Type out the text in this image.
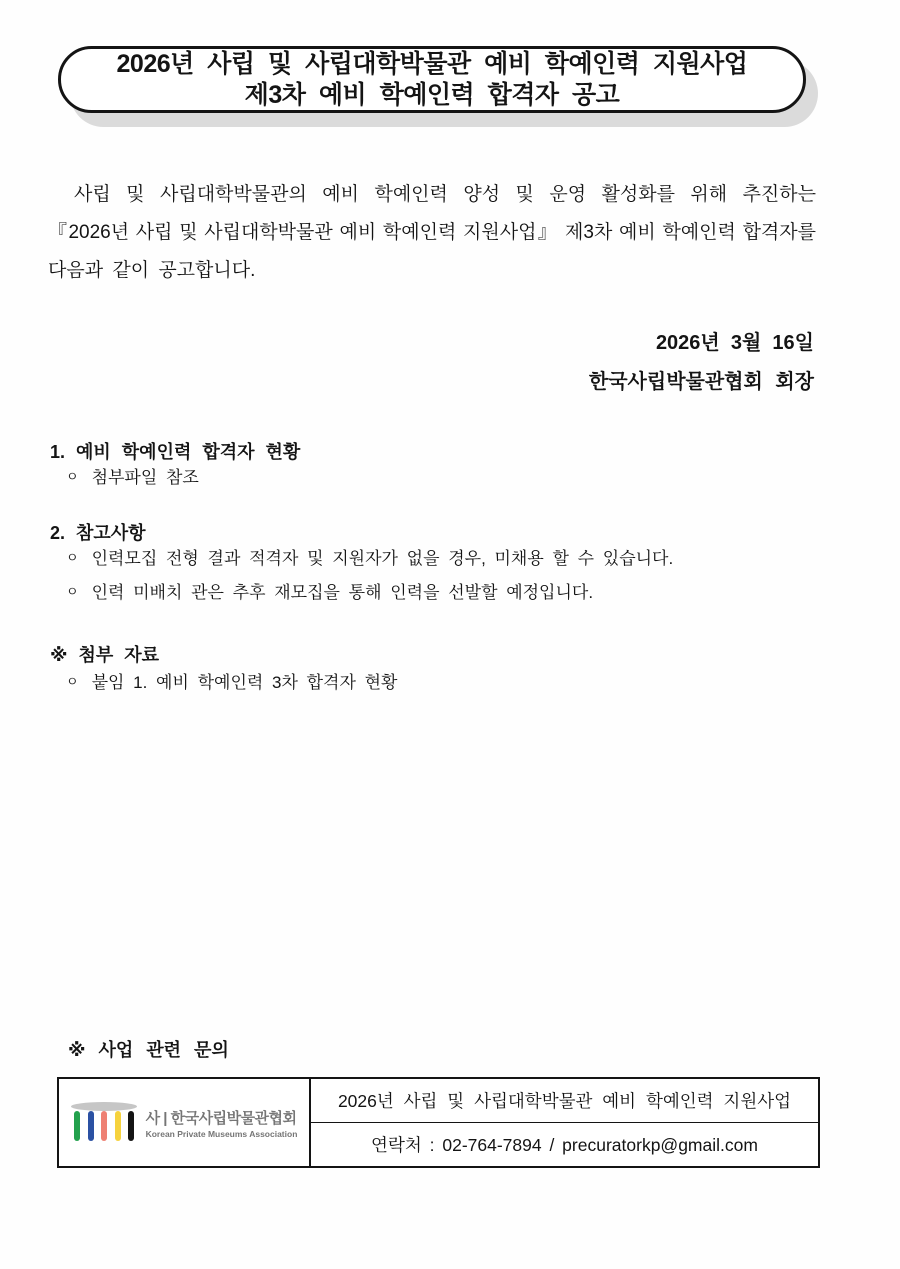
2026년 사립 및 사립대학박물관 예비 학예인력 지원사업
제3차 예비 학예인력 합격자 공고
사립 및 사립대학박물관의 예비 학예인력 양성 및 운영 활성화를 위해 추진하는
『2026년 사립 및 사립대학박물관 예비 학예인력 지원사업』 제3차 예비 학예인력 합격자를
다음과 같이 공고합니다.
2026년  3월  16일
한국사립박물관협회 회장
1. 예비 학예인력 합격자 현황
ㅇ 첨부파일 참조
2. 참고사항
ㅇ 인력모집 전형 결과 적격자 및 지원자가 없을 경우, 미채용 할 수 있습니다.
ㅇ 인력 미배치 관은 추후 재모집을 통해 인력을 선발할 예정입니다.
※ 첨부 자료
ㅇ 붙임 1. 예비 학예인력 3차 합격자 현황
※ 사업 관련 문의
사 | 한국사립박물관협회
Korean Private Museums Association
2026년 사립 및 사립대학박물관 예비 학예인력 지원사업
연락처 : 02-764-7894 / precuratorkp@gmail.com
